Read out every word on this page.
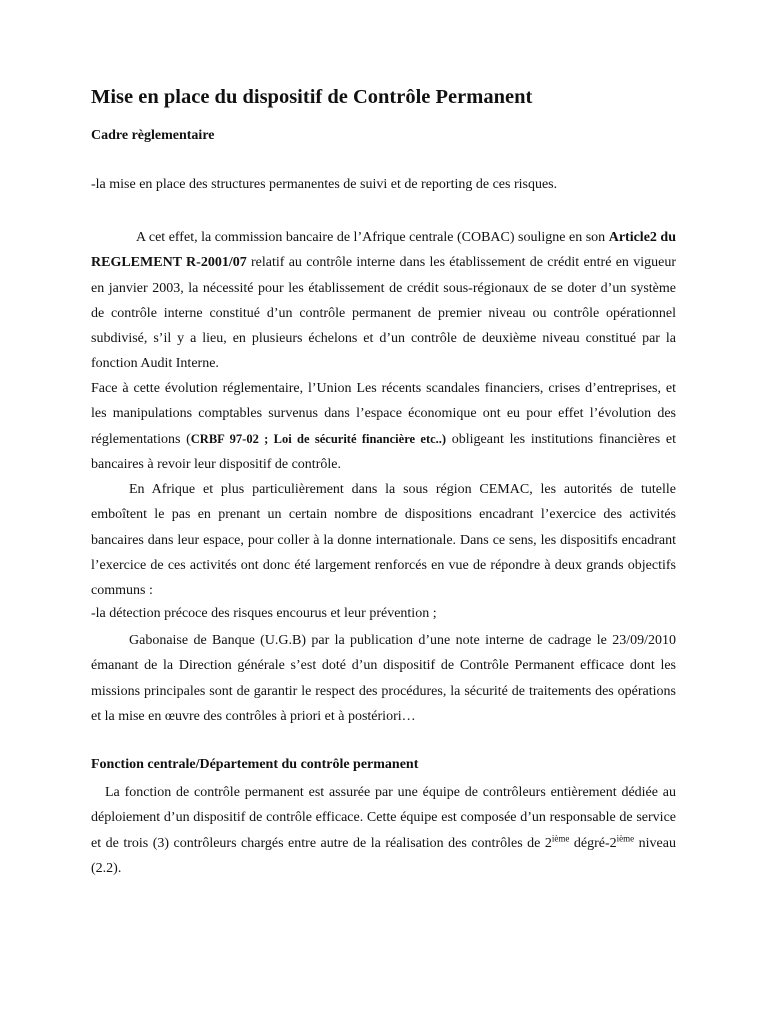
Mise en place du dispositif de Contrôle Permanent
Cadre règlementaire

-la mise en place des structures permanentes de suivi et de reporting de ces risques.

A cet effet, la commission bancaire de l’Afrique centrale (COBAC) souligne en son Article2 du REGLEMENT R-2001/07 relatif au contrôle interne dans les établissement de crédit entré en vigueur en janvier 2003, la nécessité pour les établissement de crédit sous-régionaux de se doter d’un système de contrôle interne constitué d’un contrôle permanent de premier niveau ou contrôle opérationnel subdivisé, s’il y a lieu, en plusieurs échelons et d’un contrôle de deuxième niveau constitué par la fonction Audit Interne.

Face à cette évolution réglementaire, l’Union Les récents scandales financiers, crises d’entreprises, et les manipulations comptables survenus dans l’espace économique ont eu pour effet l’évolution des réglementations (CRBF 97-02 ; Loi de sécurité financière etc..) obligeant les institutions financières et bancaires à revoir leur dispositif de contrôle.

En Afrique et plus particulièrement dans la sous région CEMAC, les autorités de tutelle emboîtent le pas en prenant un certain nombre de dispositions encadrant l’exercice des activités bancaires dans leur espace, pour coller à la donne internationale. Dans ce sens, les dispositifs encadrant l’exercice de ces activités ont donc été largement renforcés en vue de répondre à deux grands objectifs communs :

-la détection précoce des risques encourus et leur prévention ;

Gabonaise de Banque (U.G.B) par la publication d’une note interne de cadrage le 23/09/2010 émanant de la Direction générale s’est doté d’un dispositif de Contrôle Permanent efficace dont les missions principales sont de garantir le respect des procédures, la sécurité de traitements des opérations et la mise en œuvre des contrôles à priori et à postériori…

Fonction centrale/Département du contrôle permanent

La fonction de contrôle permanent est assurée par une équipe de contrôleurs entièrement dédiée au déploiement d’un dispositif de contrôle efficace. Cette équipe est composée d’un responsable de service et de trois (3) contrôleurs chargés entre autre de la réalisation des contrôles de 2ième dégré-2ième niveau (2.2).
